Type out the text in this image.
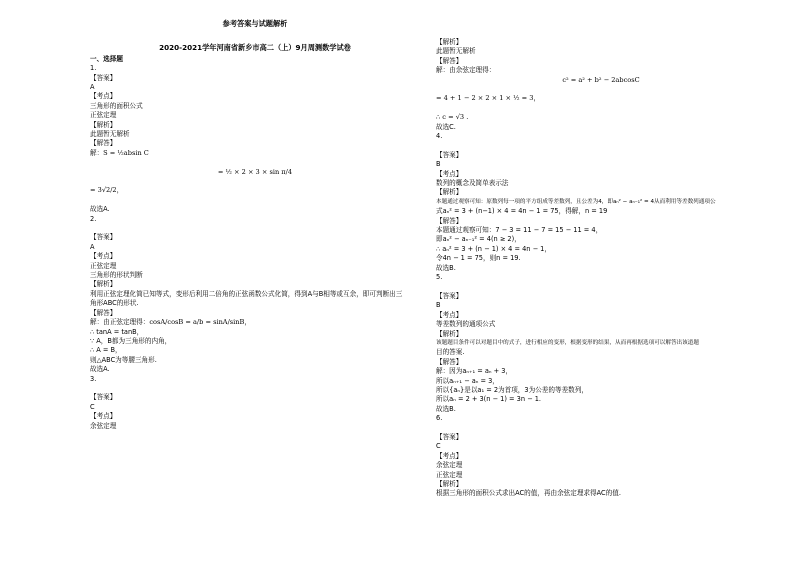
参考答案与试题解析
2020-2021学年河南省新乡市高二（上）9月周测数学试卷
一、选择题
1.
【答案】
A
【考点】
三角形的面积公式
正弦定理
【解析】
此题暂无解析
【解答】
解：S = ½absin C
= ½ × 2 × 3 × sin π/4
= 3√2/2，
故选A.
2.
【答案】
A
【考点】
正弦定理
三角形的形状判断
【解析】
利用正弦定理化简已知等式，变形后利用二倍角的正弦函数公式化简，得到A与B相等或互余，即可判断出三
角形ABC的形状.
【解答】
解：由正弦定理得：cosA/cosB = a/b = sinA/sinB，
∴ tanA = tanB，
∵ A，B都为三角形的内角，
∴ A = B，
则△ABC为等腰三角形.
故选A.
3.
【答案】
C
【考点】
余弦定理
【解析】
此题暂无解析
【解答】
解：由余弦定理得：
c² = a² + b² − 2abcosC
= 4 + 1 − 2 × 2 × 1 × ½ = 3，
∴ c = √3 .
故选C.
4.
【答案】
B
【考点】
数列的概念及简单表示法
【解析】
本题通过观察可知：原数列每一项的平方组成等差数列，且公差为4，即aₙ² − aₙ₋₁² = 4从而利用等差数列通项公
式aₙ² = 3 + (n−1) × 4 = 4n − 1 = 75，得解，n = 19
【解答】
本题通过观察可知：7 − 3 = 11 − 7 = 15 − 11 = 4，
即aₙ² − aₙ₋₁² = 4(n ≥ 2)，
∴ aₙ² = 3 + (n − 1) × 4 = 4n − 1，
令4n − 1 = 75，则n = 19.
故选B.
5.
【答案】
B
【考点】
等差数列的通项公式
【解析】
该题题目条件可以对题目中的式子，进行相应的变形，根据变形的结果，从而再根据选项可以解答出该道题
目的答案.
【解答】
解：因为aₙ₊₁ = aₙ + 3，
所以aₙ₊₁ − aₙ = 3，
所以{aₙ}是以a₁ = 2为首项，3为公差的等差数列，
所以aₙ = 2 + 3(n − 1) = 3n − 1.
故选B.
6.
【答案】
C
【考点】
余弦定理
正弦定理
【解析】
根据三角形的面积公式求出AC的值，再由余弦定理求得AC的值.
